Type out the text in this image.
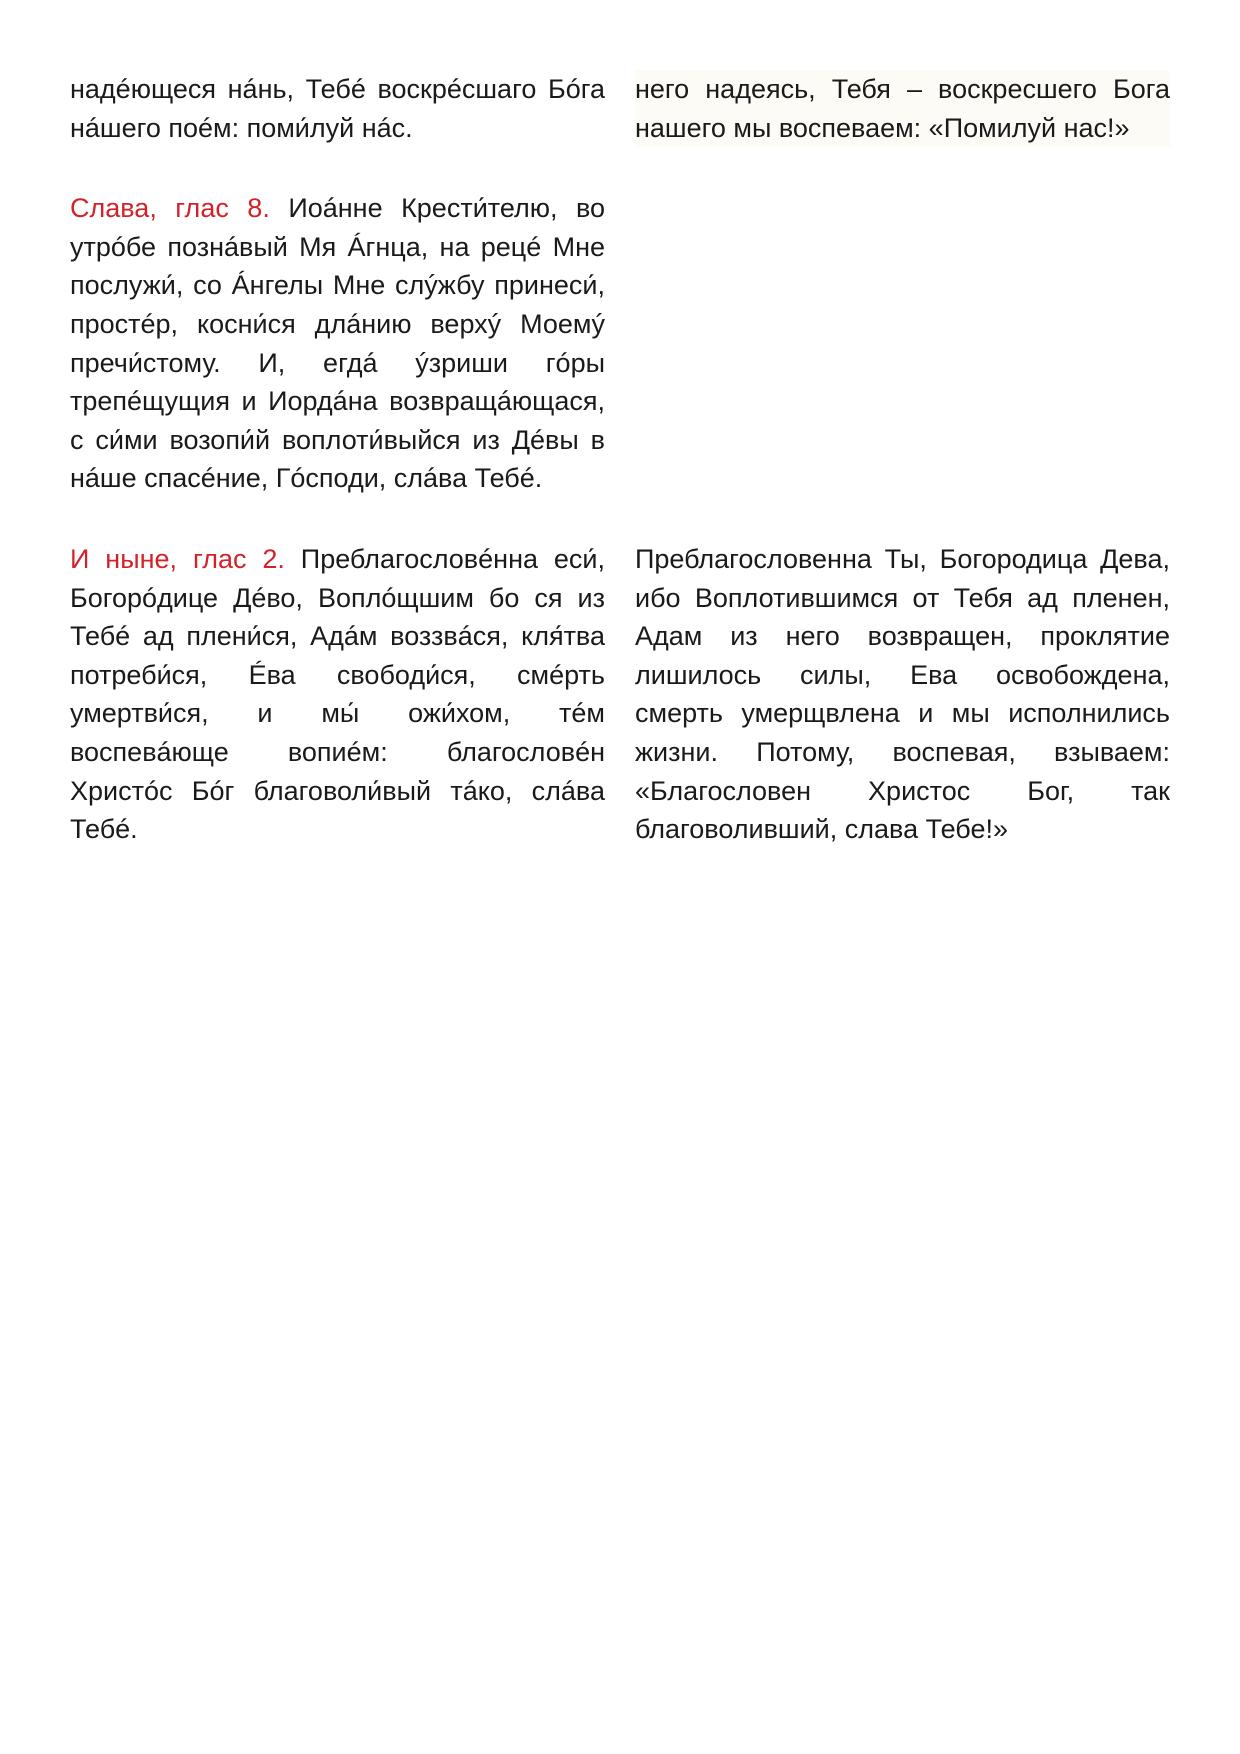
надéющеся нáнь, Тебé воскрéсшаго Бóга нáшего поéм: поми́луй нáс.
него надеясь, Тебя – воскресшего Бога нашего мы воспеваем: «Помилуй нас!»
Слава, глас 8. Иоáнне Крести́телю, во утрóбе познáвый Мя Áгнца, на рецé Мне послужи́, со Áнгелы Мне слýжбу принеси́, простéр, косни́ся длáнию верхý Моемý пречи́стому. И, егдá ýзриши гóры трепéщущия и Иордáна возвращáющася, с си́ми возопи́й воплоти́выйся из Дéвы в нáше спасéние, Гóсподи, слáва Тебé.
И ныне, глас 2. Преблагословéнна еси́, Богорóдице Дéво, Воплóщшим бо ся из Тебé ад плени́ся, Адáм воззвáся, кля́тва потреби́ся, Éва свободи́ся, смéрть умертви́ся, и мы́ ожи́хом, тéм воспевáюще вопиéм: благословéн Христóс Бóг благоволи́вый тáко, слáва Тебé.
Преблагословенна Ты, Богородица Дева, ибо Воплотившимся от Тебя ад пленен, Адам из него возвращен, проклятие лишилось силы, Ева освобождена, смерть умерщвлена и мы исполнились жизни. Потому, воспевая, взываем: «Благословен Христос Бог, так благоволивший, слава Тебе!»
